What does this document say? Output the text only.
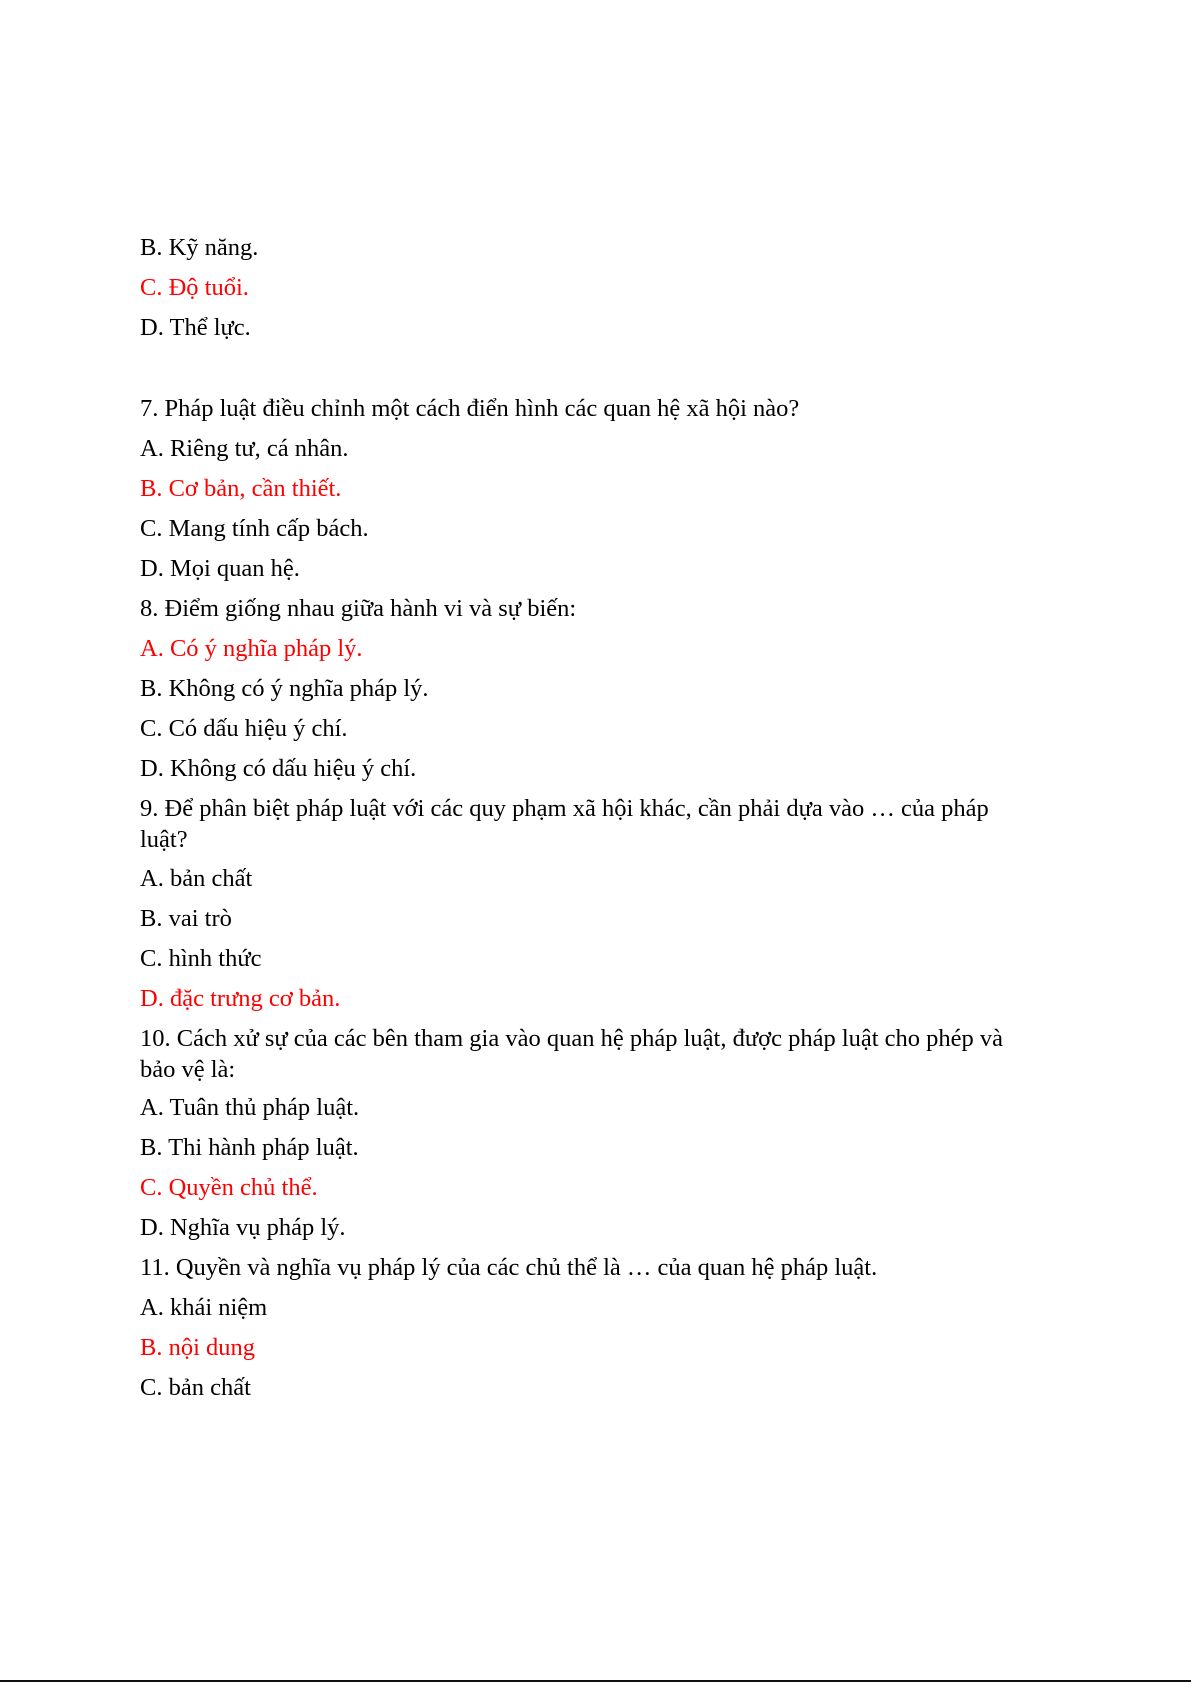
B. Kỹ năng.
C. Độ tuổi.
D. Thể lực.
7. Pháp luật điều chỉnh một cách điển hình các quan hệ xã hội nào?
A. Riêng tư, cá nhân.
B. Cơ bản, cần thiết.
C. Mang tính cấp bách.
D. Mọi quan hệ.
8. Điểm giống nhau giữa hành vi và sự biến:
A. Có ý nghĩa pháp lý.
B. Không có ý nghĩa pháp lý.
C. Có dấu hiệu ý chí.
D. Không có dấu hiệu ý chí.
9. Để phân biệt pháp luật với các quy phạm xã hội khác, cần phải dựa vào … của pháp luật?
A. bản chất
B. vai trò
C. hình thức
D. đặc trưng cơ bản.
10. Cách xử sự của các bên tham gia vào quan hệ pháp luật, được pháp luật cho phép và bảo vệ là:
A. Tuân thủ pháp luật.
B. Thi hành pháp luật.
C. Quyền chủ thể.
D. Nghĩa vụ pháp lý.
11. Quyền và nghĩa vụ pháp lý của các chủ thể là … của quan hệ pháp luật.
A. khái niệm
B. nội dung
C. bản chất
